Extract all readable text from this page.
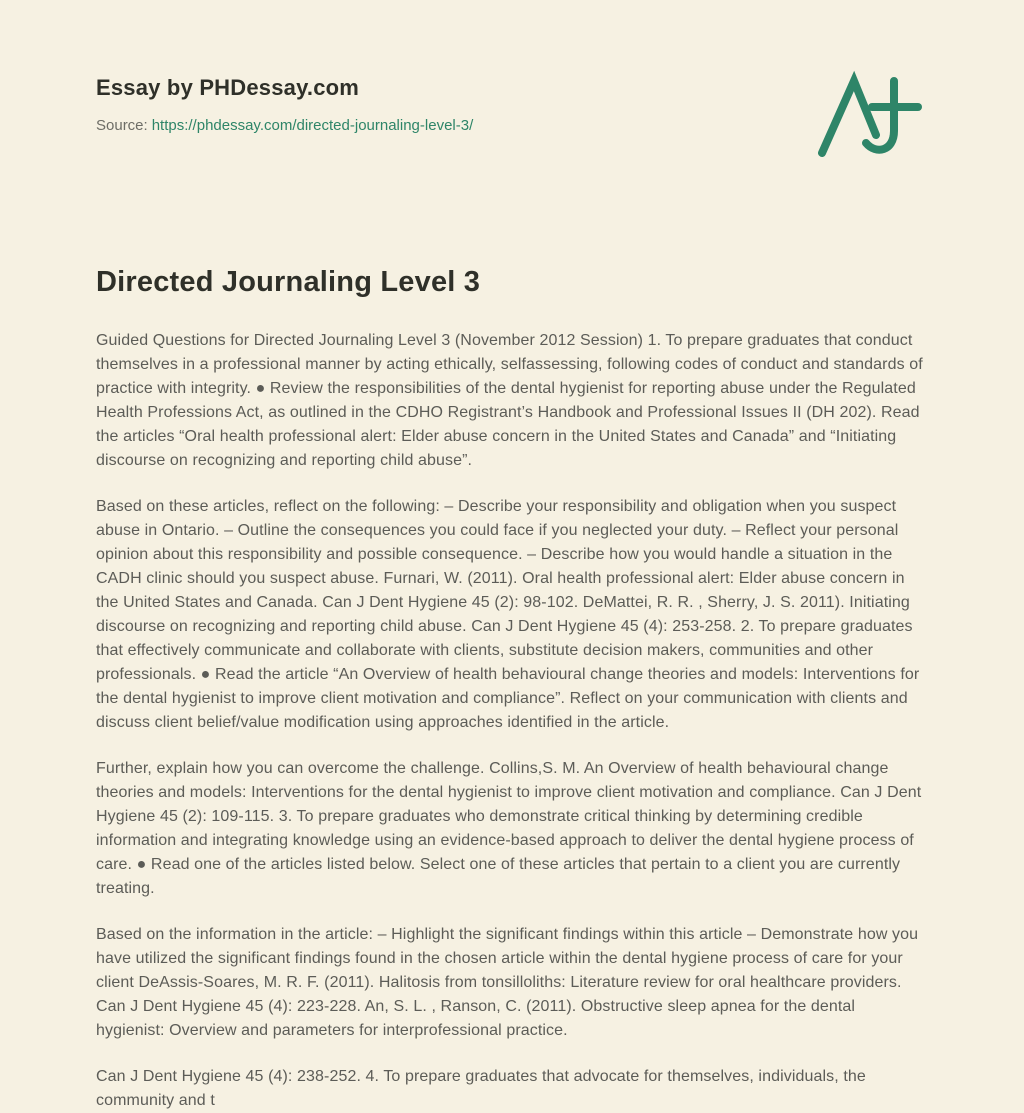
Essay by PHDessay.com
Source: https://phdessay.com/directed-journaling-level-3/
Directed Journaling Level 3

Guided Questions for Directed Journaling Level 3 (November 2012 Session) 1. To prepare graduates that conduct themselves in a professional manner by acting ethically, selfassessing, following codes of conduct and standards of practice with integrity. ● Review the responsibilities of the dental hygienist for reporting abuse under the Regulated Health Professions Act, as outlined in the CDHO Registrant’s Handbook and Professional Issues II (DH 202). Read the articles “Oral health professional alert: Elder abuse concern in the United States and Canada” and “Initiating discourse on recognizing and reporting child abuse”.

Based on these articles, reflect on the following: – Describe your responsibility and obligation when you suspect abuse in Ontario. – Outline the consequences you could face if you neglected your duty. – Reflect your personal opinion about this responsibility and possible consequence. – Describe how you would handle a situation in the CADH clinic should you suspect abuse. Furnari, W. (2011). Oral health professional alert: Elder abuse concern in the United States and Canada. Can J Dent Hygiene 45 (2): 98-102. DeMattei, R. R. , Sherry, J. S. 2011). Initiating discourse on recognizing and reporting child abuse. Can J Dent Hygiene 45 (4): 253-258. 2. To prepare graduates that effectively communicate and collaborate with clients, substitute decision makers, communities and other professionals. ● Read the article “An Overview of health behavioural change theories and models: Interventions for the dental hygienist to improve client motivation and compliance”. Reflect on your communication with clients and discuss client belief/value modification using approaches identified in the article.

Further, explain how you can overcome the challenge. Collins,S. M. An Overview of health behavioural change theories and models: Interventions for the dental hygienist to improve client motivation and compliance. Can J Dent Hygiene 45 (2): 109-115. 3. To prepare graduates who demonstrate critical thinking by determining credible information and integrating knowledge using an evidence-based approach to deliver the dental hygiene process of care. ● Read one of the articles listed below. Select one of these articles that pertain to a client you are currently treating.

Based on the information in the article: – Highlight the significant findings within this article – Demonstrate how you have utilized the significant findings found in the chosen article within the dental hygiene process of care for your client DeAssis-Soares, M. R. F. (2011). Halitosis from tonsilloliths: Literature review for oral healthcare providers. Can J Dent Hygiene 45 (4): 223-228. An, S. L. , Ranson, C. (2011). Obstructive sleep apnea for the dental hygienist: Overview and parameters for interprofessional practice.

Can J Dent Hygiene 45 (4): 238-252. 4. To prepare graduates that advocate for themselves, individuals, the community and t
